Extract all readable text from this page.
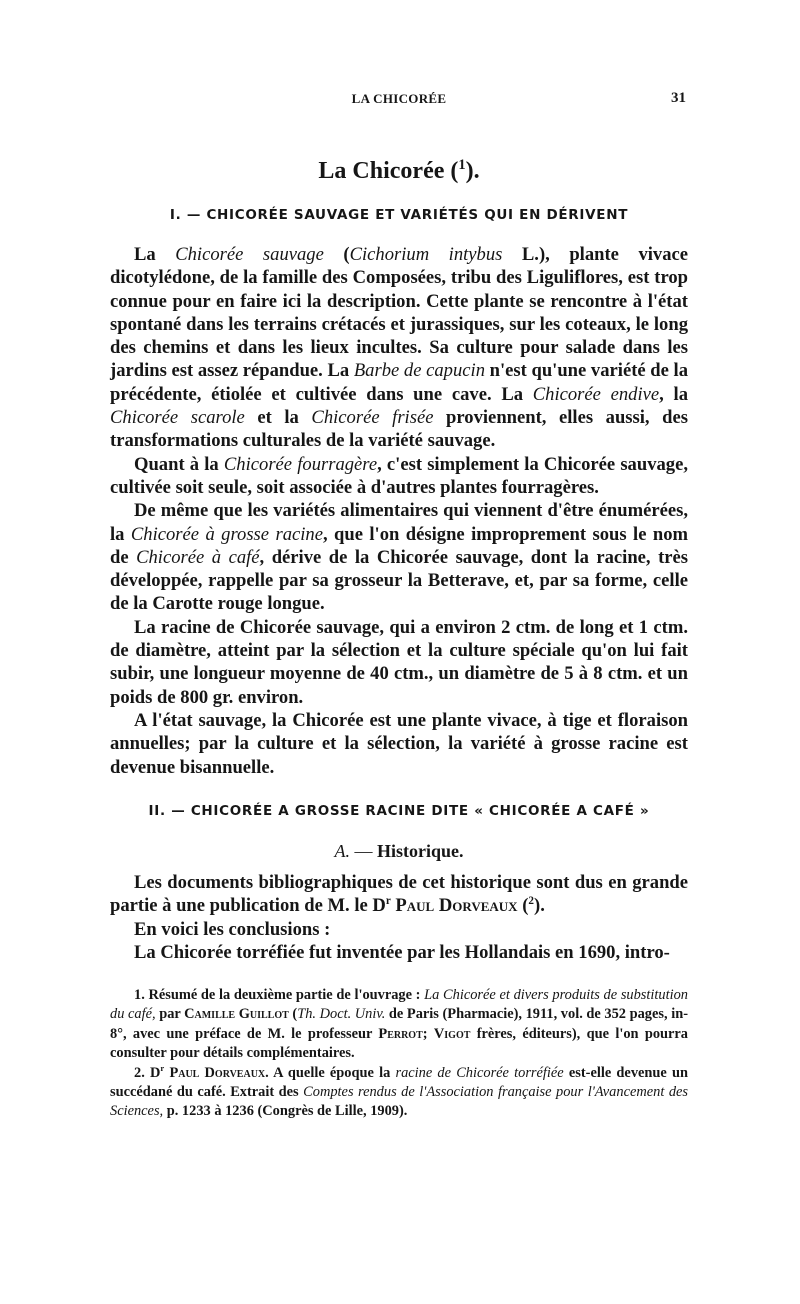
LA CHICORÉE	31
La Chicorée ($^1$).
I. — CHICORÉE SAUVAGE ET VARIÉTÉS QUI EN DÉRIVENT

La Chicorée sauvage (Cichorium intybus L.), plante vivace dicotylédone, de la famille des Composées, tribu des Liguliflores, est trop connue pour en faire ici la description. Cette plante se rencontre à l'état spontané dans les terrains crétacés et jurassiques, sur les coteaux, le long des chemins et dans les lieux incultes. Sa culture pour salade dans les jardins est assez répandue. La Barbe de capucin n'est qu'une variété de la précédente, étiolée et cultivée dans une cave. La Chicorée endive, la Chicorée scarole et la Chicorée frisée proviennent, elles aussi, des transformations culturales de la variété sauvage.

Quant à la Chicorée fourragère, c'est simplement la Chicorée sauvage, cultivée soit seule, soit associée à d'autres plantes fourragères.

De même que les variétés alimentaires qui viennent d'être énumérées, la Chicorée à grosse racine, que l'on désigne improprement sous le nom de Chicorée à café, dérive de la Chicorée sauvage, dont la racine, très développée, rappelle par sa grosseur la Betterave, et, par sa forme, celle de la Carotte rouge longue.

La racine de Chicorée sauvage, qui a environ 2 ctm. de long et 1 ctm. de diamètre, atteint par la sélection et la culture spéciale qu'on lui fait subir, une longueur moyenne de 40 ctm., un diamètre de 5 à 8 ctm. et un poids de 800 gr. environ.

A l'état sauvage, la Chicorée est une plante vivace, à tige et floraison annuelles; par la culture et la sélection, la variété à grosse racine est devenue bisannuelle.

II. — CHICORÉE A GROSSE RACINE DITE « CHICORÉE A CAFÉ »
A. — Historique.

Les documents bibliographiques de cet historique sont dus en grande partie à une publication de M. le $D^r$ Paul Dorveaux ($^2$).

En voici les conclusions :

La Chicorée torréfiée fut inventée par les Hollandais en 1690, intro-

1. Résumé de la deuxième partie de l'ouvrage : La Chicorée et divers produits de substitution du café, par Camille Guillot (Th. Doct. Univ. de Paris (Pharmacie), 1911, vol. de 352 pages, in-8°, avec une préface de M. le professeur Perrot; Vigot frères, éditeurs), que l'on pourra consulter pour détails complémentaires.

2. $D^r$ Paul Dorveaux. A quelle époque la racine de Chicorée torréfiée est-elle devenue un succédané du café. Extrait des Comptes rendus de l'Association française pour l'Avancement des Sciences, p. 1233 à 1236 (Congrès de Lille, 1909).
